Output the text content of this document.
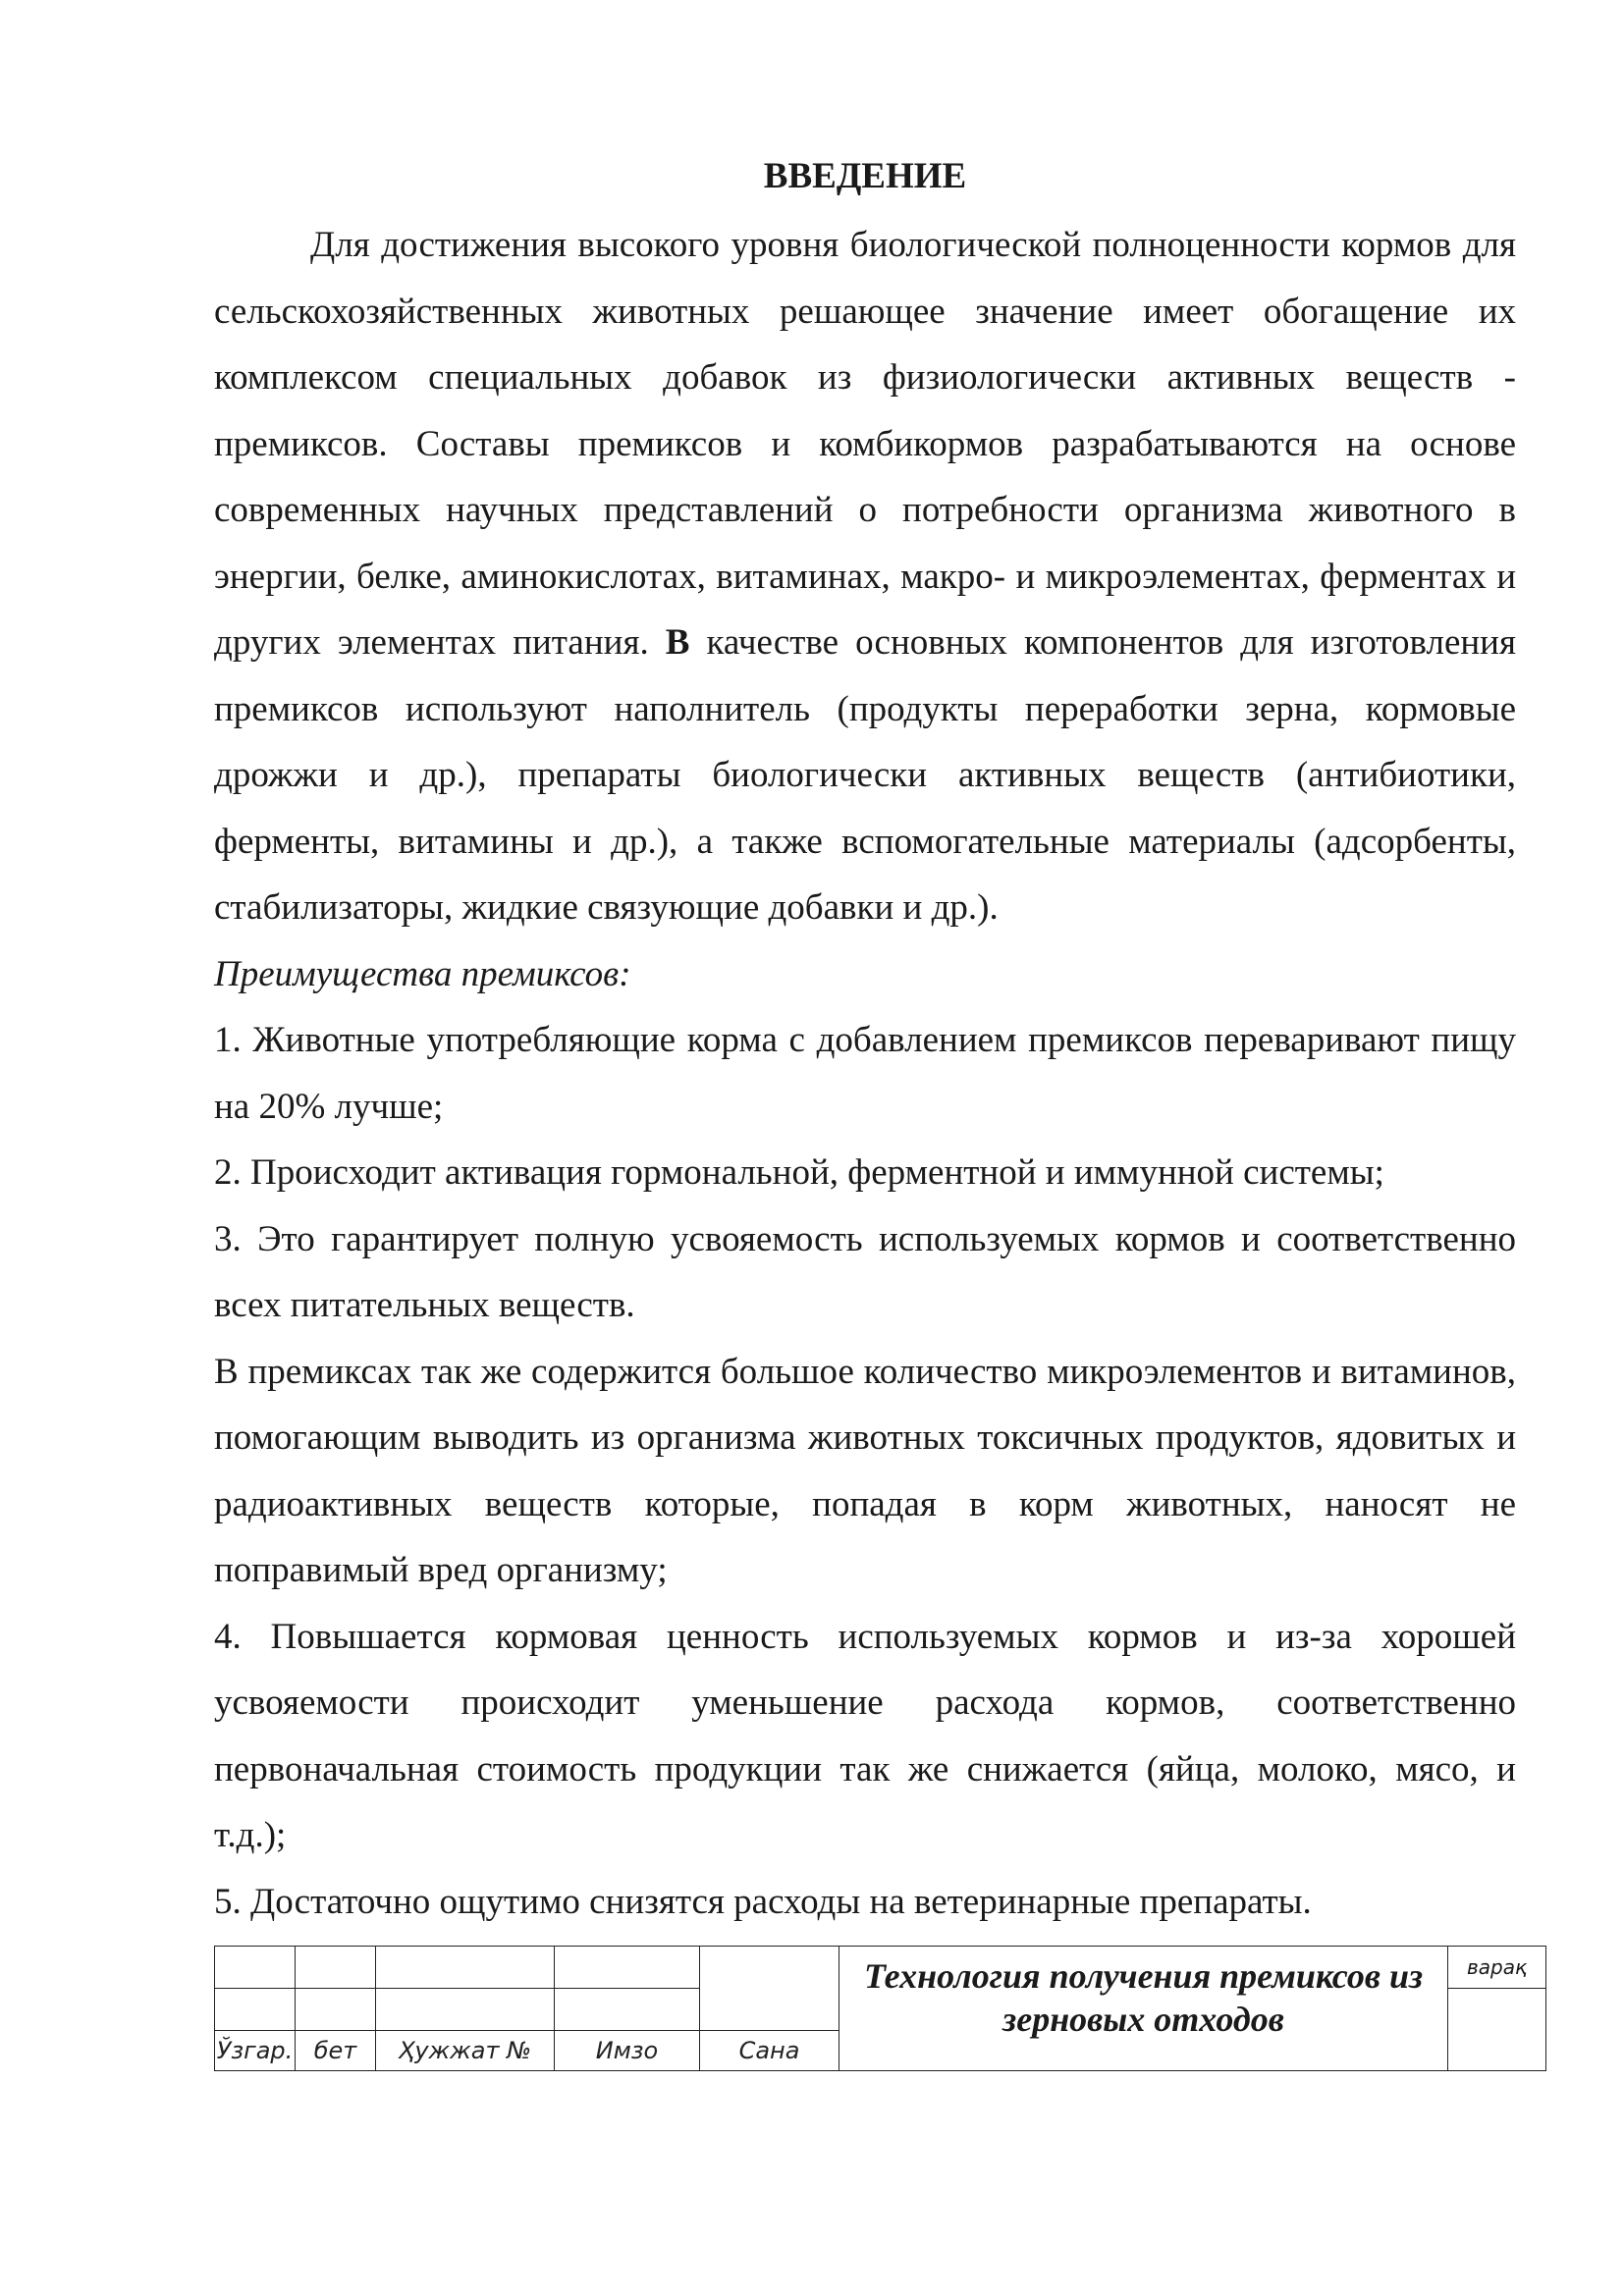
ВВЕДЕНИЕ

Для достижения высокого уровня биологической полноценности кормов для сельскохозяйственных животных решающее значение имеет обогащение их комплексом специальных добавок из физиологически активных веществ - премиксов. Составы премиксов и комбикормов разрабатываются на основе современных научных представлений о потребности организма животного в энергии, белке, аминокислотах, витаминах, макро- и микроэлементах, ферментах и других элементах питания. В качестве основных компонентов для изготовления премиксов используют наполнитель (продукты переработки зерна, кормовые дрожжи и др.), препараты биологически активных веществ (антибиотики, ферменты, витамины и др.), а также вспомогательные материалы (адсорбенты, стабилизаторы, жидкие связующие добавки и др.).

Преимущества премиксов:

1. Животные употребляющие корма с добавлением премиксов переваривают пищу на 20% лучше;

2. Происходит активация гормональной, ферментной и иммунной системы;

3. Это гарантирует полную усвояемость используемых кормов и соответственно всех питательных веществ.

В премиксах так же содержится большое количество микроэлементов и витаминов, помогающим выводить из организма животных токсичных продуктов, ядовитых и радиоактивных веществ которые, попадая в корм животных, наносят не поправимый вред организму;

4. Повышается кормовая ценность используемых кормов и из-за хорошей усвояемости происходит уменьшение расхода кормов, соответственно первоначальная стоимость продукции так же снижается (яйца, молоко, мясо, и т.д.);

5. Достаточно ощутимо снизятся расходы на ветеринарные препараты.

					Технология получения премиксов из зерновых отходов	варақ

Ўзгар.	бет	Ҳужжат №	Имзо	Сана		
